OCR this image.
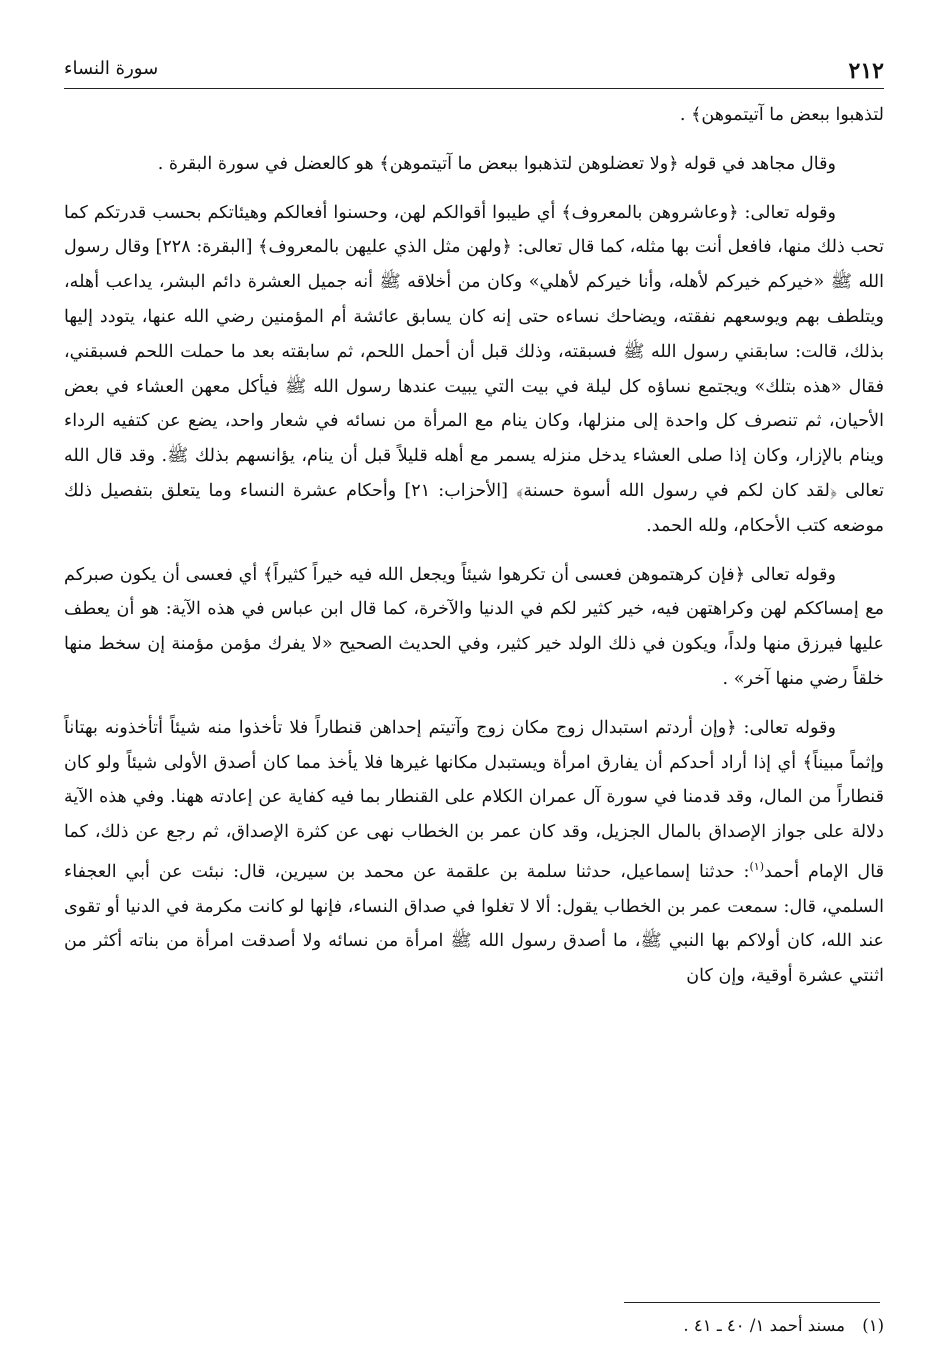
٢١٢
سورة النساء

لتذهبوا ببعض ما آتيتموهن﴾ .

وقال مجاهد في قوله ﴿ولا تعضلوهن لتذهبوا ببعض ما آتيتموهن﴾ هو كالعضل في سورة البقرة .

وقوله تعالى: ﴿وعاشروهن بالمعروف﴾ أي طيبوا أقوالكم لهن، وحسنوا أفعالكم وهيئاتكم بحسب قدرتكم كما تحب ذلك منها، فافعل أنت بها مثله، كما قال تعالى: ﴿ولهن مثل الذي عليهن بالمعروف﴾ [البقرة: ٢٢٨] وقال رسول الله ﷺ «خيركم خيركم لأهله، وأنا خيركم لأهلي» وكان من أخلاقه ﷺ أنه جميل العشرة دائم البشر، يداعب أهله، ويتلطف بهم ويوسعهم نفقته، ويضاحك نساءه حتى إنه كان يسابق عائشة أم المؤمنين رضي الله عنها، يتودد إليها بذلك، قالت: سابقني رسول الله ﷺ فسبقته، وذلك قبل أن أحمل اللحم، ثم سابقته بعد ما حملت اللحم فسبقني، فقال «هذه بتلك» ويجتمع نساؤه كل ليلة في بيت التي يبيت عندها رسول الله ﷺ فيأكل معهن العشاء في بعض الأحيان، ثم تنصرف كل واحدة إلى منزلها، وكان ينام مع المرأة من نسائه في شعار واحد، يضع عن كتفيه الرداء وينام بالإزار، وكان إذا صلى العشاء يدخل منزله يسمر مع أهله قليلاً قبل أن ينام، يؤانسهم بذلك ﷺ. وقد قال الله تعالى ﴿لقد كان لكم في رسول الله أسوة حسنة﴾ [الأحزاب: ٢١] وأحكام عشرة النساء وما يتعلق بتفصيل ذلك موضعه كتب الأحكام، ولله الحمد.

وقوله تعالى ﴿فإن كرهتموهن فعسى أن تكرهوا شيئاً ويجعل الله فيه خيراً كثيراً﴾ أي فعسى أن يكون صبركم مع إمساككم لهن وكراهتهن فيه، خير كثير لكم في الدنيا والآخرة، كما قال ابن عباس في هذه الآية: هو أن يعطف عليها فيرزق منها ولداً، ويكون في ذلك الولد خير كثير، وفي الحديث الصحيح «لا يفرك مؤمن مؤمنة إن سخط منها خلقاً رضي منها آخر» .

وقوله تعالى: ﴿وإن أردتم استبدال زوج مكان زوج وآتيتم إحداهن قنطاراً فلا تأخذوا منه شيئاً أتأخذونه بهتاناً وإثماً مبيناً﴾ أي إذا أراد أحدكم أن يفارق امرأة ويستبدل مكانها غيرها فلا يأخذ مما كان أصدق الأولى شيئاً ولو كان قنطاراً من المال، وقد قدمنا في سورة آل عمران الكلام على القنطار بما فيه كفاية عن إعادته ههنا. وفي هذه الآية دلالة على جواز الإصداق بالمال الجزيل، وقد كان عمر بن الخطاب نهى عن كثرة الإصداق، ثم رجع عن ذلك، كما قال الإمام أحمد$^{(١)}$: حدثنا إسماعيل، حدثنا سلمة بن علقمة عن محمد بن سيرين، قال: نبئت عن أبي العجفاء السلمي، قال: سمعت عمر بن الخطاب يقول: ألا لا تغلوا في صداق النساء، فإنها لو كانت مكرمة في الدنيا أو تقوى عند الله، كان أولاكم بها النبي ﷺ، ما أصدق رسول الله ﷺ امرأة من نسائه ولا أصدقت امرأة من بناته أكثر من اثنتي عشرة أوقية، وإن كان

(١) مسند أحمد ١/ ٤٠ ـ ٤١ .
